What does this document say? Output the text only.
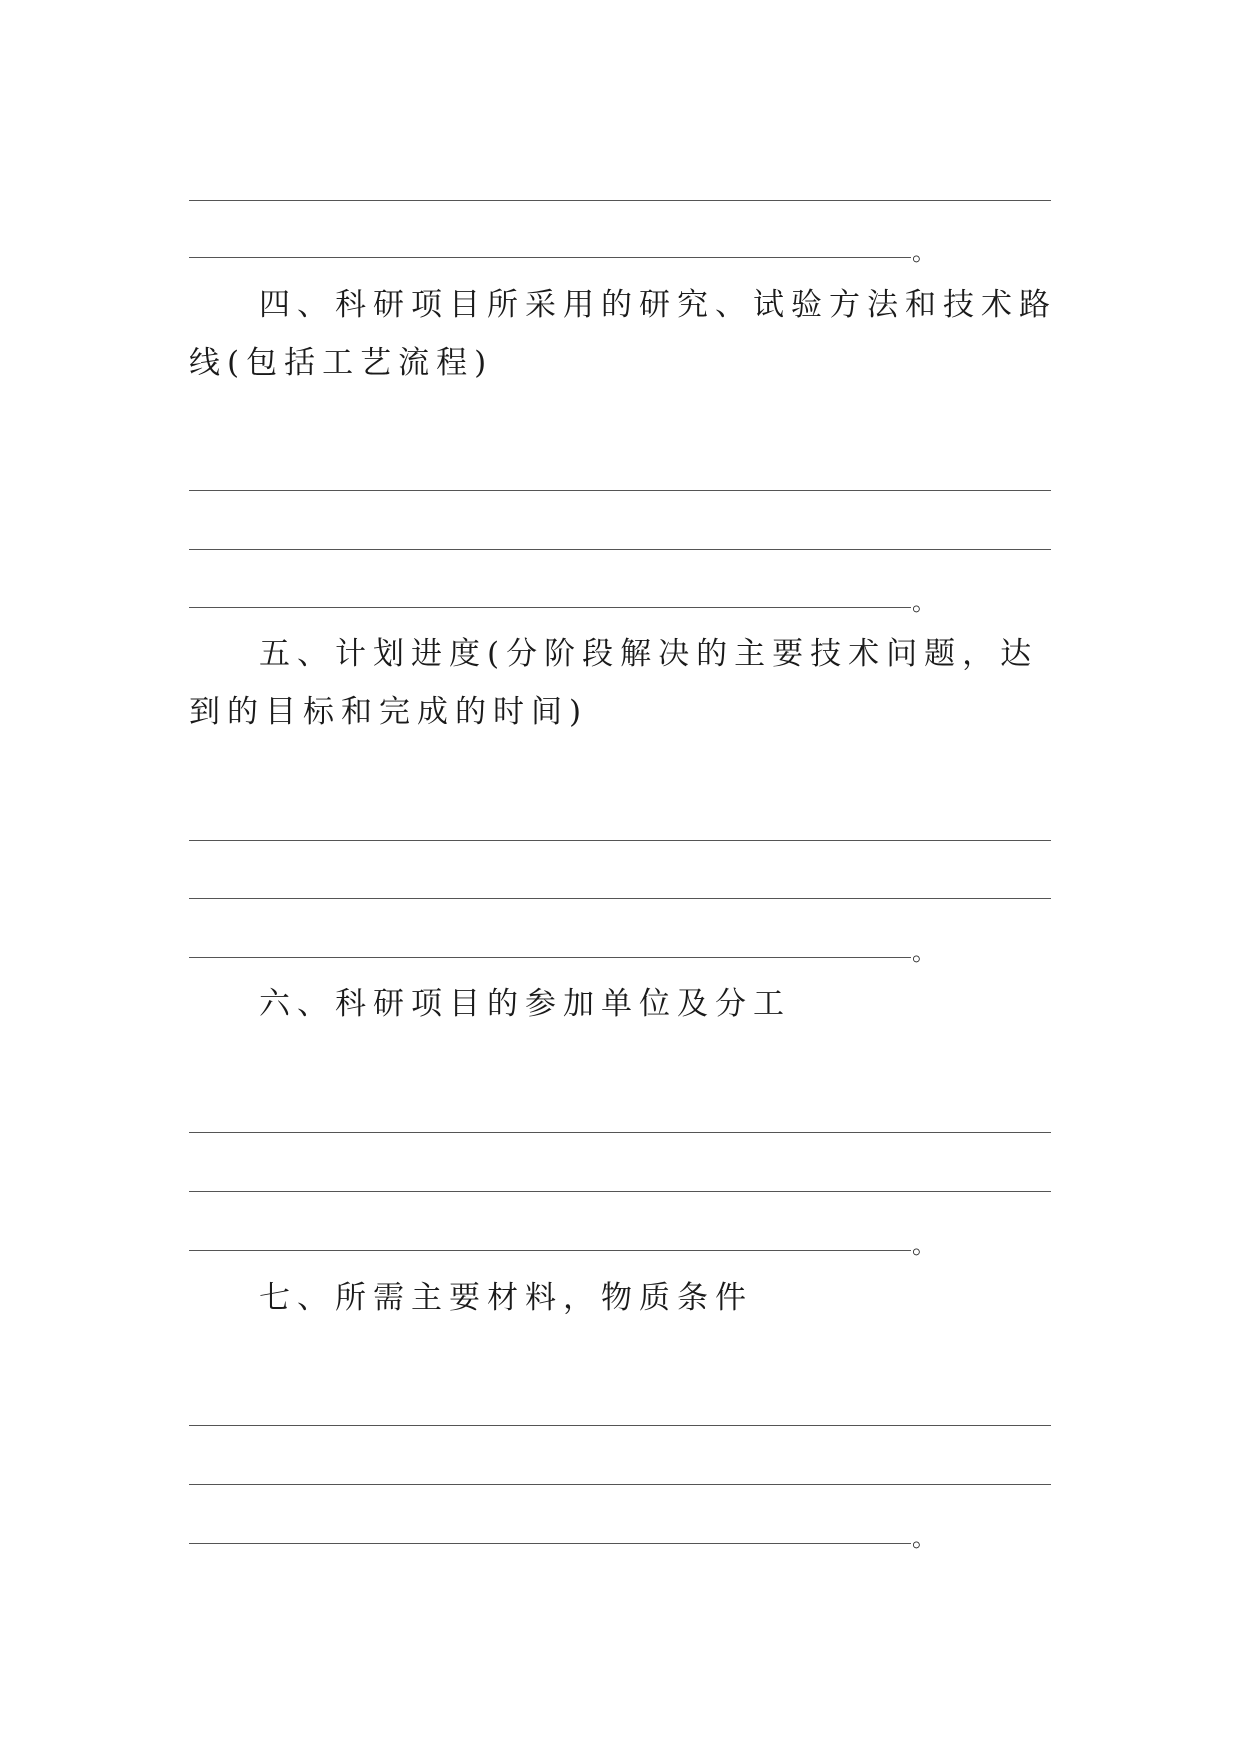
。
四、科研项目所采用的研究、试验方法和技术路线(包括工艺流程)
。
五、计划进度(分阶段解决的主要技术问题，达到的目标和完成的时间)
。
六、科研项目的参加单位及分工
。
七、所需主要材料，物质条件
。
